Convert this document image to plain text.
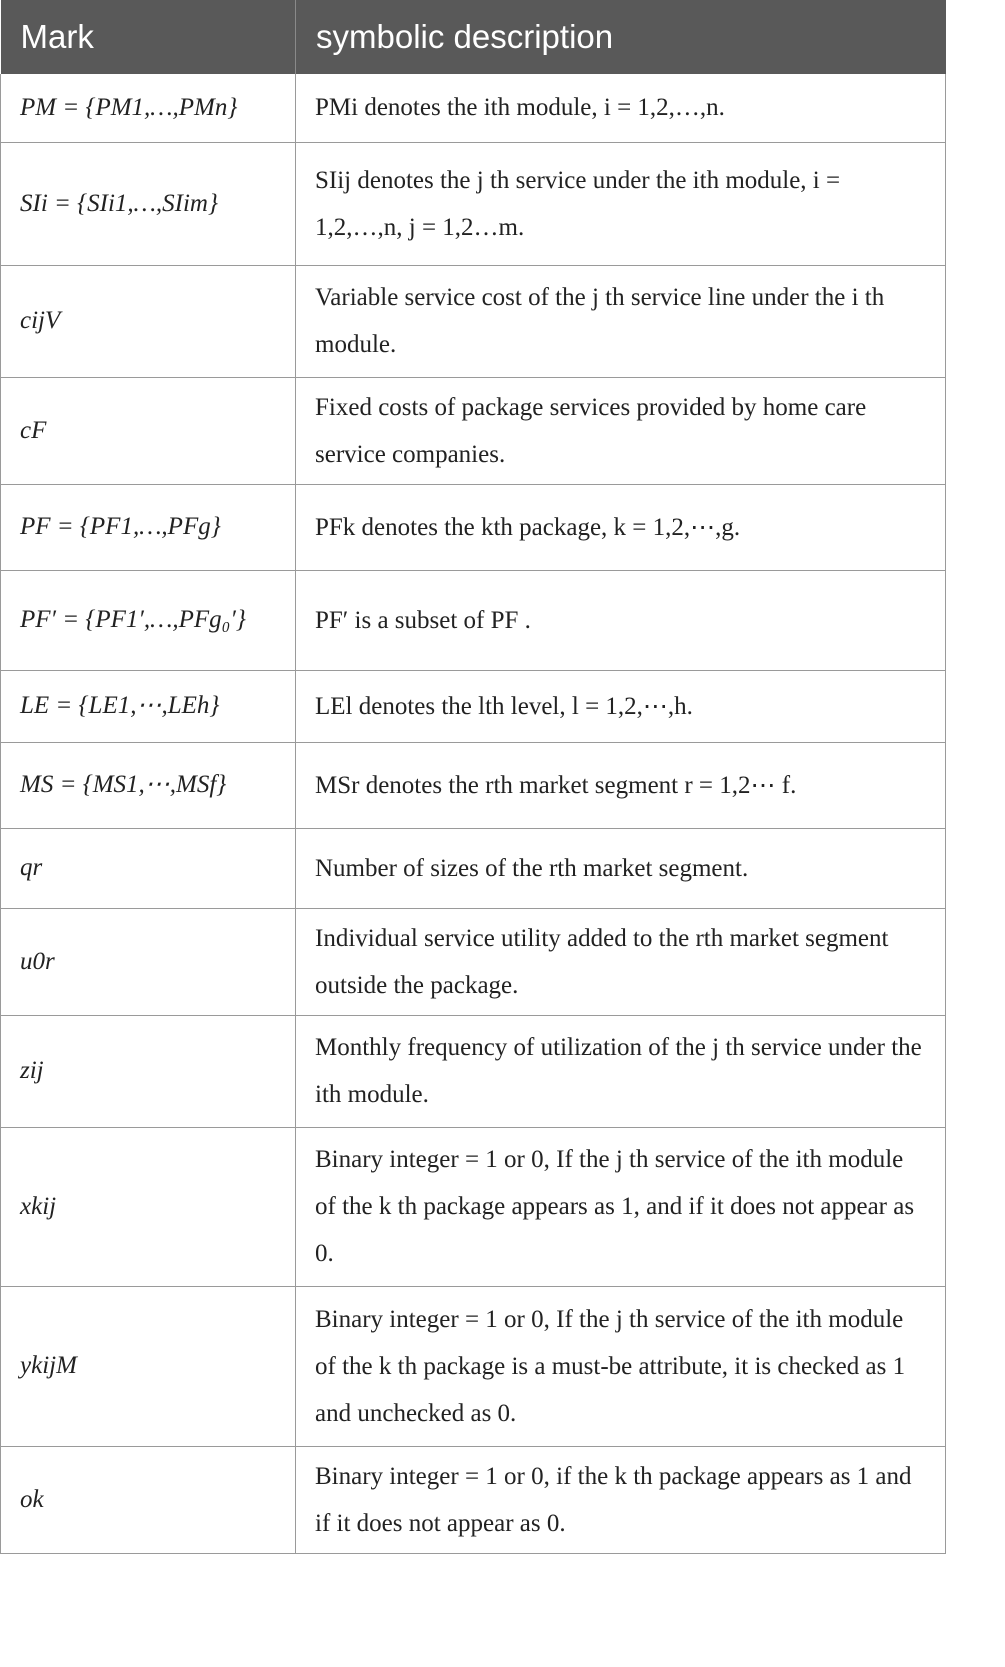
Mark	symbolic description
PM = {PM1,…,PMn}	PMi denotes the ith module, i = 1,2,…,n.
SIi = {SIi1,…,SIim}	SIij denotes the j th service under the ith module, i = 1,2,…,n, j = 1,2…m.
cijV	Variable service cost of the j th service line under the i th module.
cF	Fixed costs of package services provided by home care service companies.
PF = {PF1,…,PFg}	PFk denotes the kth package, k = 1,2,⋯,g.
PF′ = {PF1′,…,PFg₀′}	PF′ is a subset of PF .
LE = {LE1,⋯,LEh}	LEl denotes the lth level, l = 1,2,⋯,h.
MS = {MS1,⋯,MSf}	MSr denotes the rth market segment r = 1,2⋯ f.
qr	Number of sizes of the rth market segment.
u0r	Individual service utility added to the rth market segment outside the package.
zij	Monthly frequency of utilization of the j th service under the ith module.
xkij	Binary integer = 1 or 0, If the j th service of the ith module of the k th package appears as 1, and if it does not appear as 0.
ykijM	Binary integer = 1 or 0, If the j th service of the ith module of the k th package is a must-be attribute, it is checked as 1 and unchecked as 0.
ok	Binary integer = 1 or 0, if the k th package appears as 1 and if it does not appear as 0.
